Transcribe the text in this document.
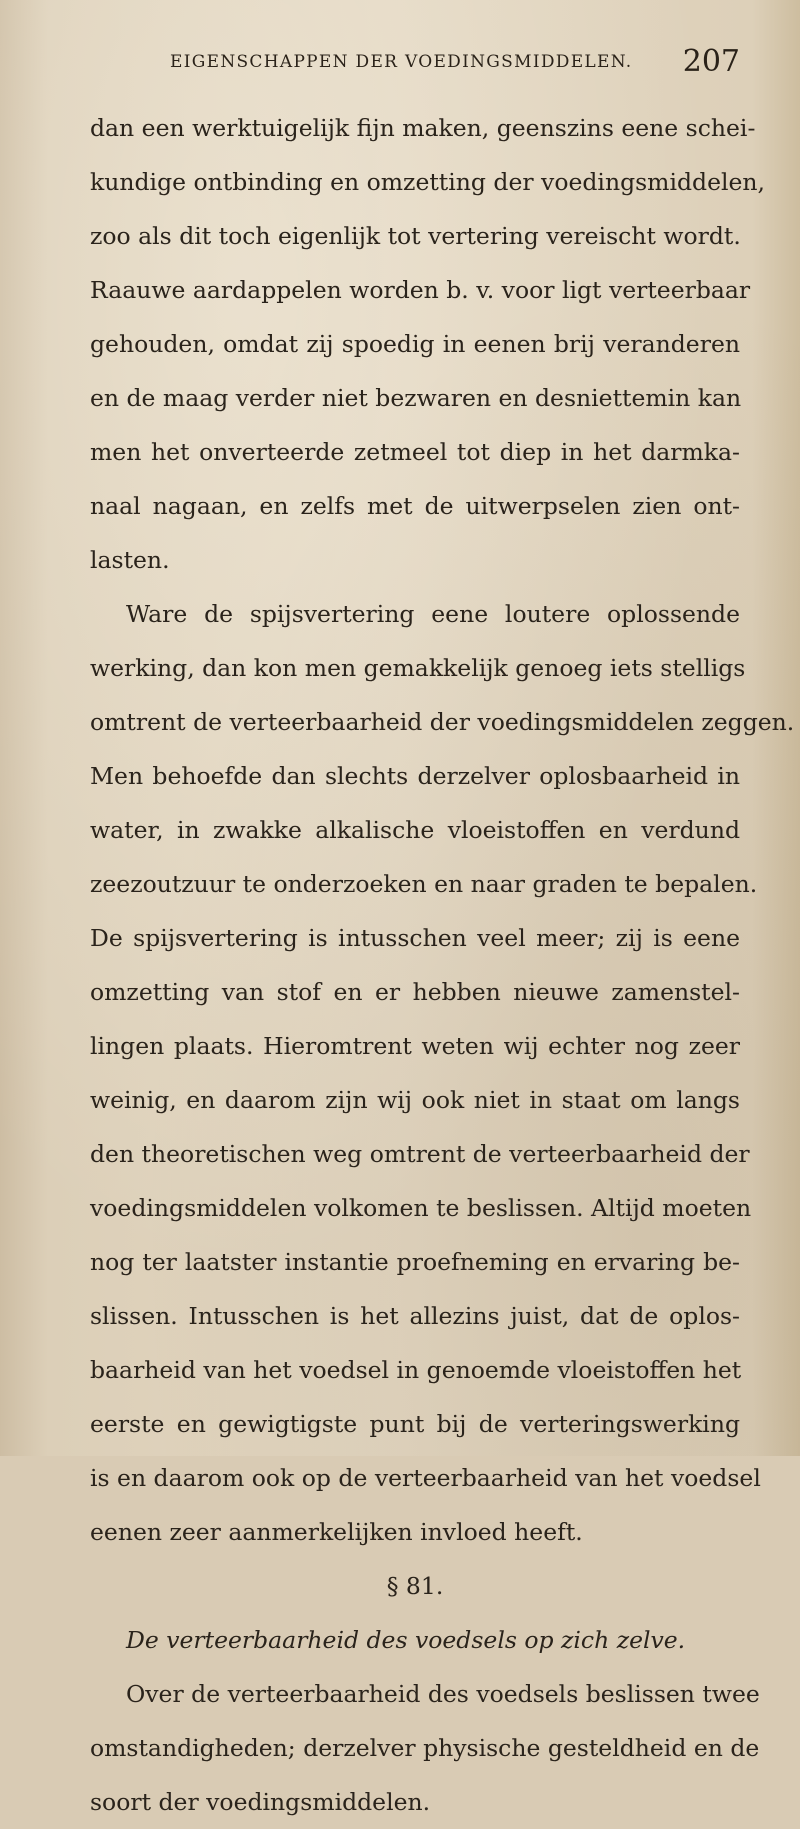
EIGENSCHAPPEN DER VOEDINGSMIDDELEN. 207
dan een werktuigelijk fijn maken, geenszins eene schei-
kundige ontbinding en omzetting der voedingsmiddelen,
zoo als dit toch eigenlijk tot vertering vereischt wordt.
Raauwe aardappelen worden b. v. voor ligt verteerbaar
gehouden, omdat zij spoedig in eenen brij veranderen
en de maag verder niet bezwaren en desniettemin kan
men het onverteerde zetmeel tot diep in het darmka-
naal nagaan, en zelfs met de uitwerpselen zien ont-
lasten.
Ware de spijsvertering eene loutere oplossende
werking, dan kon men gemakkelijk genoeg iets stelligs
omtrent de verteerbaarheid der voedingsmiddelen zeggen.
Men behoefde dan slechts derzelver oplosbaarheid in
water, in zwakke alkalische vloeistoffen en verdund
zeezoutzuur te onderzoeken en naar graden te bepalen.
De spijsvertering is intusschen veel meer; zij is eene
omzetting van stof en er hebben nieuwe zamenstel-
lingen plaats. Hieromtrent weten wij echter nog zeer
weinig, en daarom zijn wij ook niet in staat om langs
den theoretischen weg omtrent de verteerbaarheid der
voedingsmiddelen volkomen te beslissen. Altijd moeten
nog ter laatster instantie proefneming en ervaring be-
slissen. Intusschen is het allezins juist, dat de oplos-
baarheid van het voedsel in genoemde vloeistoffen het
eerste en gewigtigste punt bij de verteringswerking
is en daarom ook op de verteerbaarheid van het voedsel
eenen zeer aanmerkelijken invloed heeft.
§ 81.
De verteerbaarheid des voedsels op zich zelve.
Over de verteerbaarheid des voedsels beslissen twee
omstandigheden; derzelver physische gesteldheid en de
soort der voedingsmiddelen.
